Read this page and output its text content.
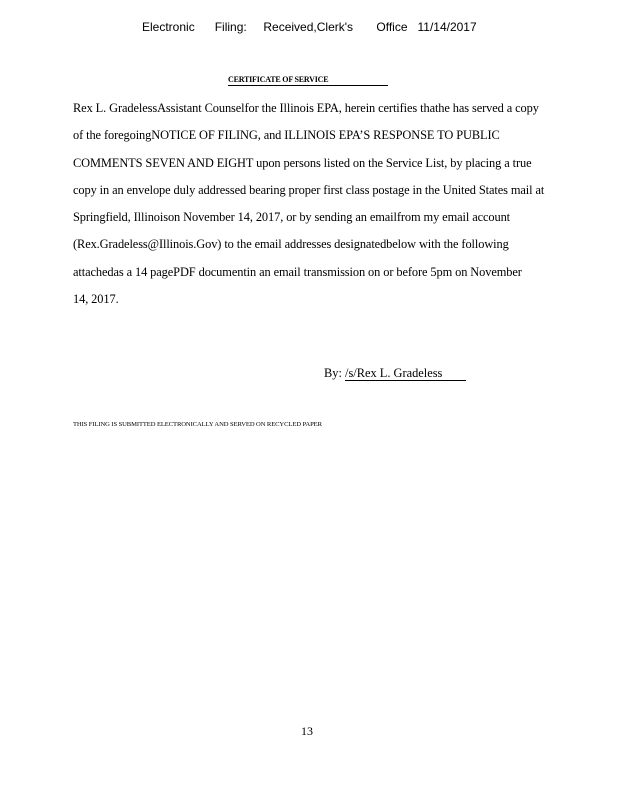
Electronic      Filing:     Received,Clerk's       Office   11/14/2017
CERTIFICATE OF SERVICE
Rex L. GradelessAssistant Counselfor the Illinois EPA, herein certifies thathe has served a copy
of the foregoingNOTICE OF FILING, and ILLINOIS EPA’S RESPONSE TO PUBLIC
COMMENTS SEVEN AND EIGHT upon persons listed on the Service List, by placing a true
copy in an envelope duly addressed bearing proper first class postage in the United States mail at
Springfield, Illinoison November 14, 2017, or by sending an emailfrom my email account
(Rex.Gradeless@Illinois.Gov) to the email addresses designatedbelow with the following
attachedas a 14 pagePDF documentin an email transmission on or before 5pm on November
14, 2017.
By: /s/Rex L. Gradeless
THIS FILING IS SUBMITTED ELECTRONICALLY AND SERVED ON RECYCLED PAPER
13
